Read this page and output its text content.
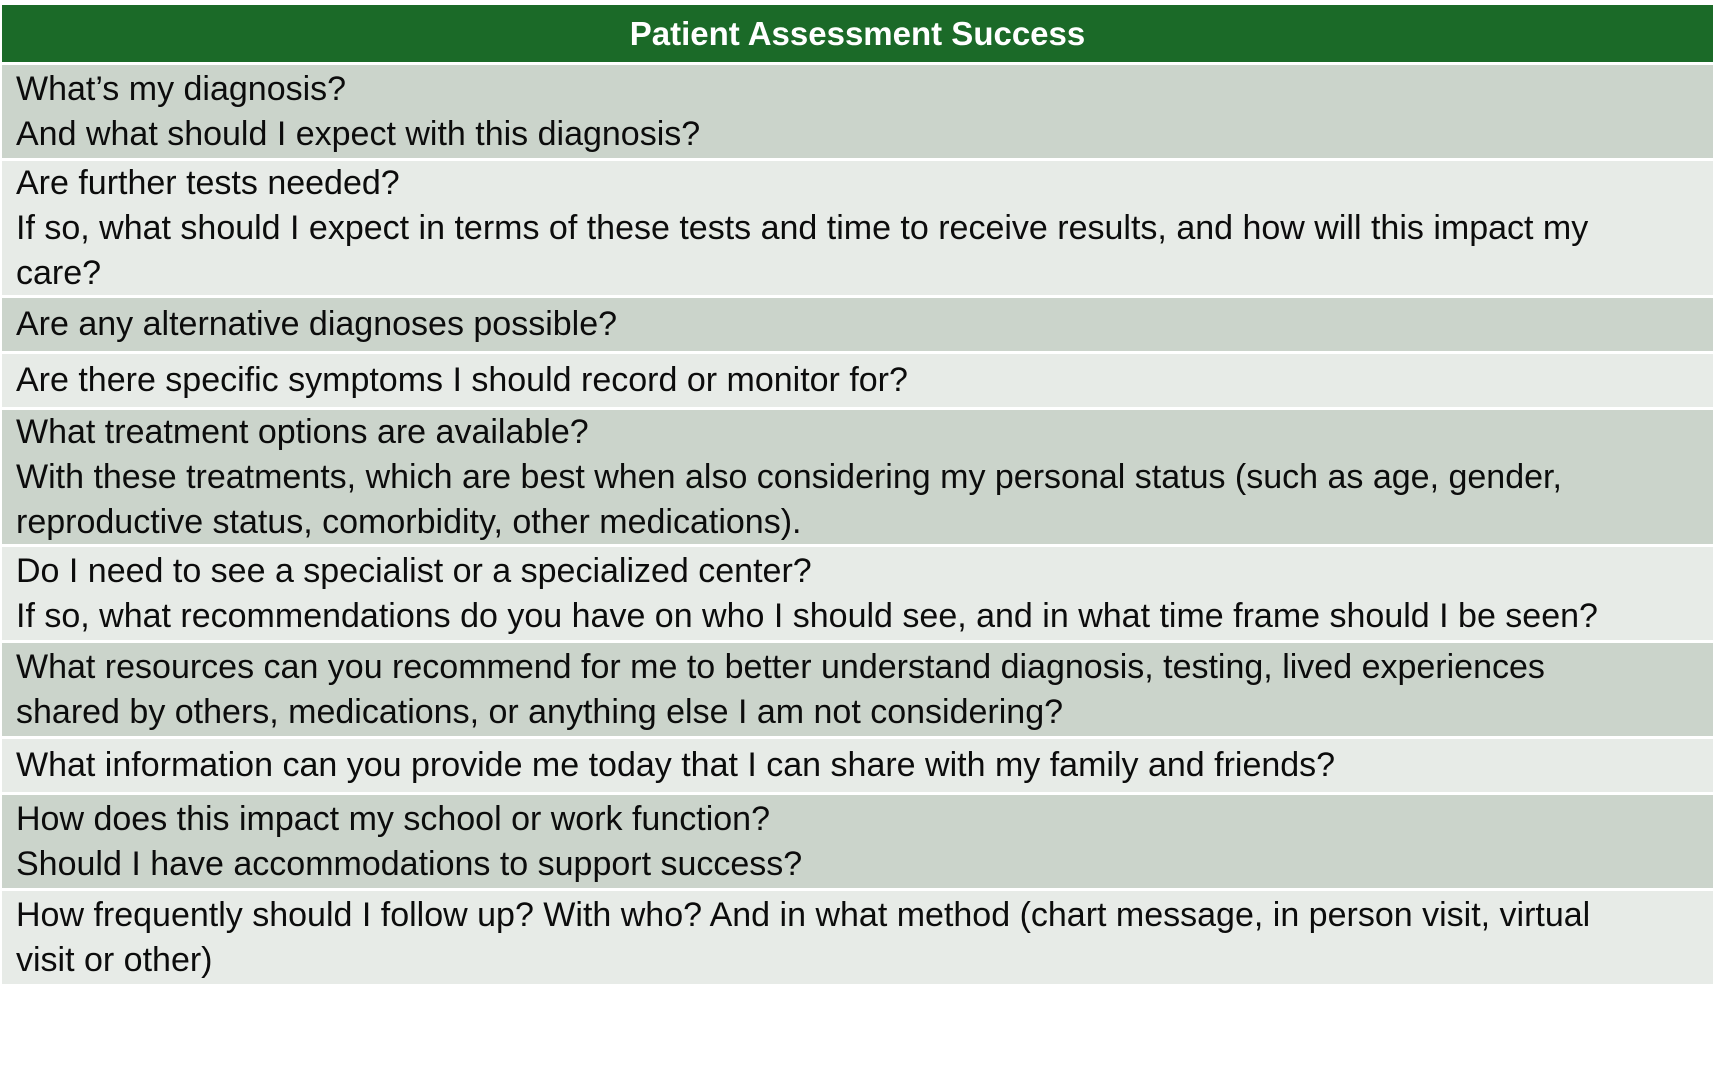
Patient Assessment Success
What’s my diagnosis?
And what should I expect with this diagnosis?
Are further tests needed?
If so, what should I expect in terms of these tests and time to receive results, and how will this impact my
care?
Are any alternative diagnoses possible?
Are there specific symptoms I should record or monitor for?
What treatment options are available?
With these treatments, which are best when also considering my personal status (such as age, gender,
reproductive status, comorbidity, other medications).
Do I need to see a specialist or a specialized center?
If so, what recommendations do you have on who I should see, and in what time frame should I be seen?
What resources can you recommend for me to better understand diagnosis, testing, lived experiences
shared by others, medications, or anything else I am not considering?
What information can you provide me today that I can share with my family and friends?
How does this impact my school or work function?
Should I have accommodations to support success?
How frequently should I follow up? With who? And in what method (chart message, in person visit, virtual
visit or other)
